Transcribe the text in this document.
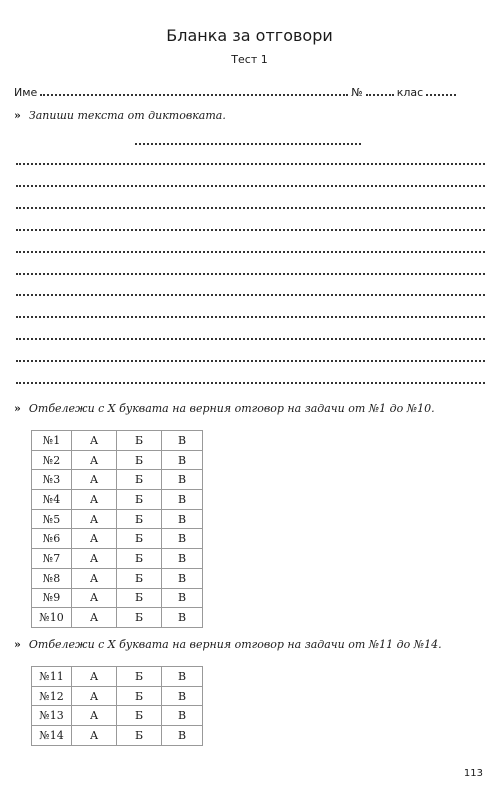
Бланка за отговори
Тест 1
Име	№	клас
» Запиши текста от диктовката.
» Отбележи с Х буквата на верния отговор на задачи от №1 до №10.
№1	А	Б	В
№2	А	Б	В
№3	А	Б	В
№4	А	Б	В
№5	А	Б	В
№6	А	Б	В
№7	А	Б	В
№8	А	Б	В
№9	А	Б	В
№10	А	Б	В
» Отбележи с Х буквата на верния отговор на задачи от №11 до №14.
№11	А	Б	В
№12	А	Б	В
№13	А	Б	В
№14	А	Б	В
113
